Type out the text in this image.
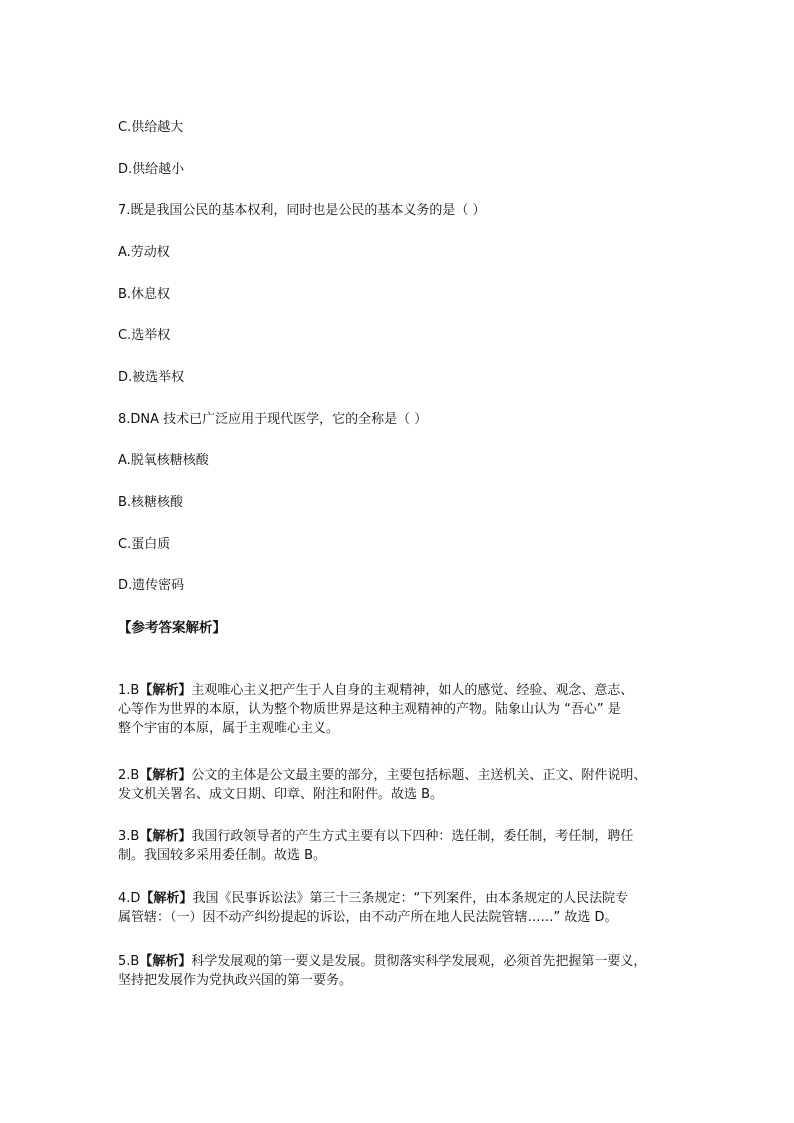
C.供给越大
D.供给越小
7.既是我国公民的基本权利，同时也是公民的基本义务的是（ ）
A.劳动权
B.休息权
C.选举权
D.被选举权
8.DNA 技术已广泛应用于现代医学，它的全称是（ ）
A.脱氧核糖核酸
B.核糖核酸
C.蛋白质
D.遗传密码
【参考答案解析】
1.B【解析】主观唯心主义把产生于人自身的主观精神，如人的感觉、经验、观念、意志、
心等作为世界的本原，认为整个物质世界是这种主观精神的产物。陆象山认为 “吾心” 是
整个宇宙的本原，属于主观唯心主义。
2.B【解析】公文的主体是公文最主要的部分，主要包括标题、主送机关、正文、附件说明、
发文机关署名、成文日期、印章、附注和附件。故选 B。
3.B【解析】我国行政领导者的产生方式主要有以下四种：选任制，委任制，考任制，聘任
制。我国较多采用委任制。故选 B。
4.D【解析】我国《民事诉讼法》第三十三条规定：“下列案件，由本条规定的人民法院专
属管辖：（一）因不动产纠纷提起的诉讼，由不动产所在地人民法院管辖……” 故选 D。
5.B【解析】科学发展观的第一要义是发展。贯彻落实科学发展观，必须首先把握第一要义，
坚持把发展作为党执政兴国的第一要务。
